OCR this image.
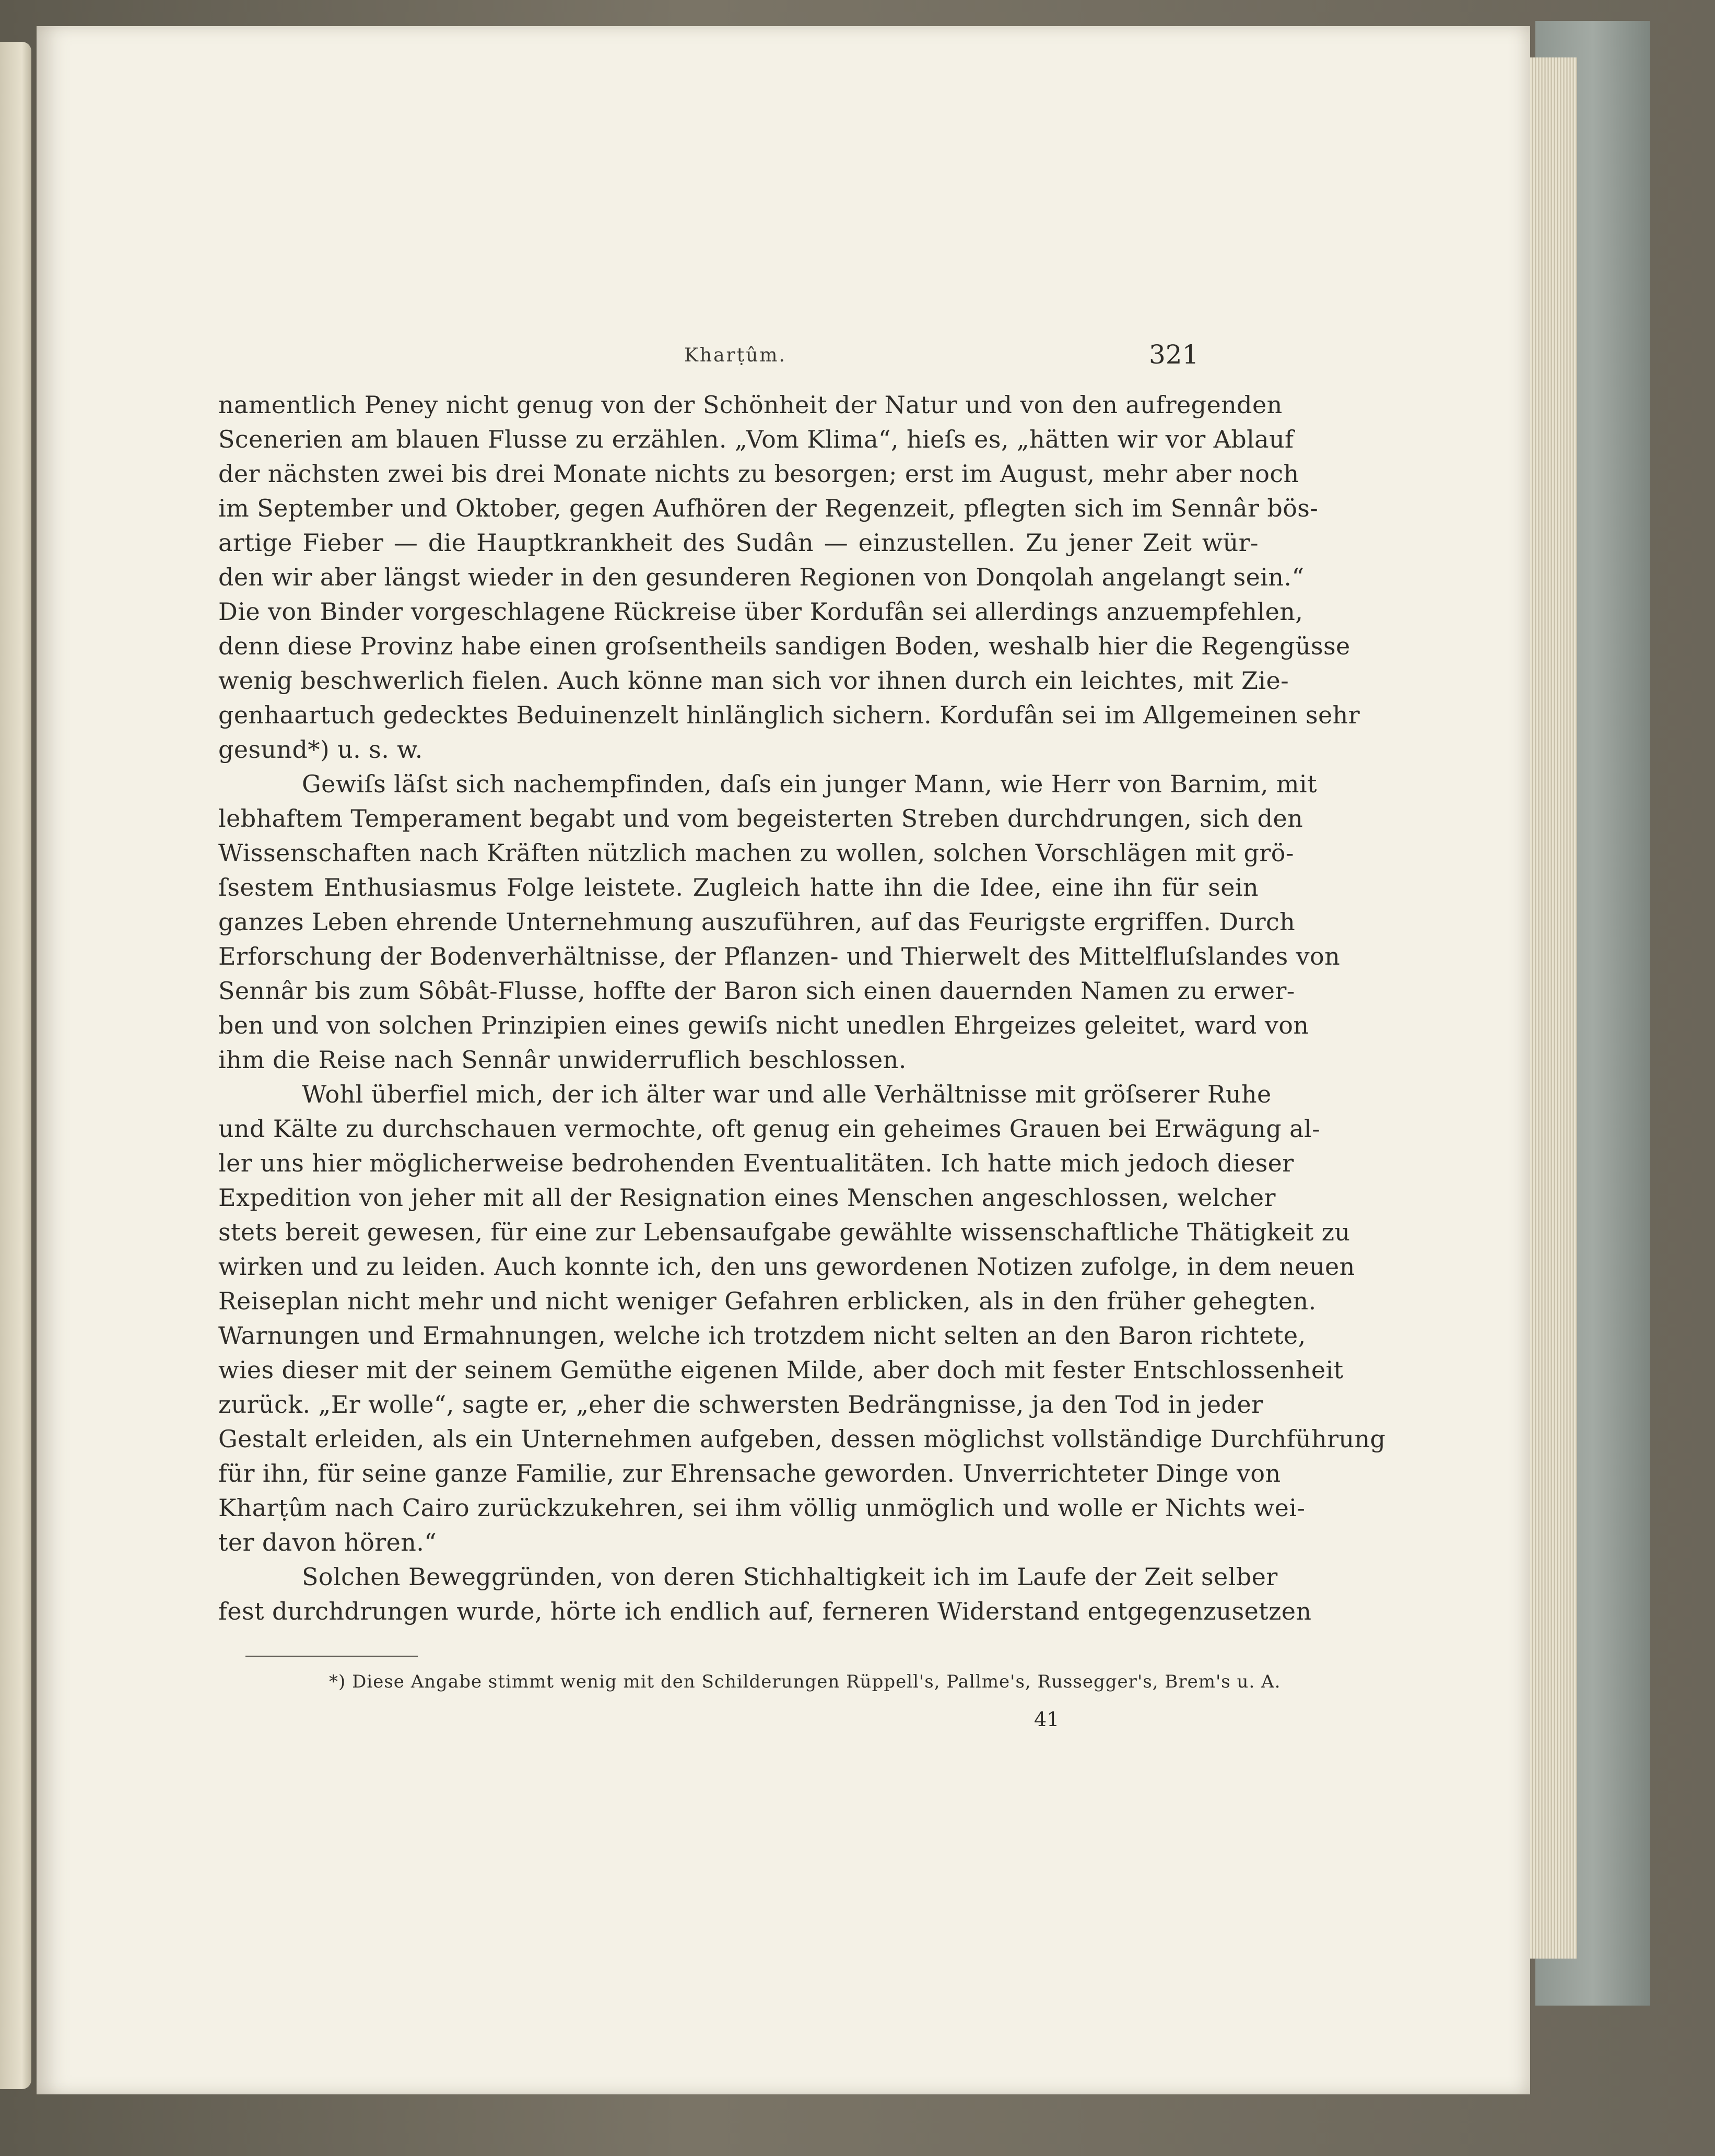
Kharṭûm.	321
namentlich Peney nicht genug von der Schönheit der Natur und von den aufregenden
Scenerien am blauen Flusse zu erzählen. „Vom Klima“, hieſs es, „hätten wir vor Ablauf
der nächsten zwei bis drei Monate nichts zu besorgen; erst im August, mehr aber noch
im September und Oktober, gegen Aufhören der Regenzeit, pflegten sich im Sennâr bös-
artige Fieber — die Hauptkrankheit des Sudân — einzustellen. Zu jener Zeit wür-
den wir aber längst wieder in den gesunderen Regionen von Donqolah angelangt sein.“
Die von Binder vorgeschlagene Rückreise über Kordufân sei allerdings anzuempfehlen,
denn diese Provinz habe einen groſsentheils sandigen Boden, weshalb hier die Regengüsse
wenig beschwerlich fielen. Auch könne man sich vor ihnen durch ein leichtes, mit Zie-
genhaartuch gedecktes Beduinenzelt hinlänglich sichern. Kordufân sei im Allgemeinen sehr
gesund*) u. s. w.
Gewiſs läſst sich nachempfinden, daſs ein junger Mann, wie Herr von Barnim, mit
lebhaftem Temperament begabt und vom begeisterten Streben durchdrungen, sich den
Wissenschaften nach Kräften nützlich machen zu wollen, solchen Vorschlägen mit grö-
ſsestem Enthusiasmus Folge leistete. Zugleich hatte ihn die Idee, eine ihn für sein
ganzes Leben ehrende Unternehmung auszuführen, auf das Feurigste ergriffen. Durch
Erforschung der Bodenverhältnisse, der Pflanzen- und Thierwelt des Mittelfluſslandes von
Sennâr bis zum Sôbât-Flusse, hoffte der Baron sich einen dauernden Namen zu erwer-
ben und von solchen Prinzipien eines gewiſs nicht unedlen Ehrgeizes geleitet, ward von
ihm die Reise nach Sennâr unwiderruflich beschlossen.
Wohl überfiel mich, der ich älter war und alle Verhältnisse mit gröſserer Ruhe
und Kälte zu durchschauen vermochte, oft genug ein geheimes Grauen bei Erwägung al-
ler uns hier möglicherweise bedrohenden Eventualitäten. Ich hatte mich jedoch dieser
Expedition von jeher mit all der Resignation eines Menschen angeschlossen, welcher
stets bereit gewesen, für eine zur Lebensaufgabe gewählte wissenschaftliche Thätigkeit zu
wirken und zu leiden. Auch konnte ich, den uns gewordenen Notizen zufolge, in dem neuen
Reiseplan nicht mehr und nicht weniger Gefahren erblicken, als in den früher gehegten.
Warnungen und Ermahnungen, welche ich trotzdem nicht selten an den Baron richtete,
wies dieser mit der seinem Gemüthe eigenen Milde, aber doch mit fester Entschlossenheit
zurück. „Er wolle“, sagte er, „eher die schwersten Bedrängnisse, ja den Tod in jeder
Gestalt erleiden, als ein Unternehmen aufgeben, dessen möglichst vollständige Durchführung
für ihn, für seine ganze Familie, zur Ehrensache geworden. Unverrichteter Dinge von
Kharṭûm nach Cairo zurückzukehren, sei ihm völlig unmöglich und wolle er Nichts wei-
ter davon hören.“
Solchen Beweggründen, von deren Stichhaltigkeit ich im Laufe der Zeit selber
fest durchdrungen wurde, hörte ich endlich auf, ferneren Widerstand entgegenzusetzen
*) Diese Angabe stimmt wenig mit den Schilderungen Rüppell's, Pallme's, Russegger's, Brem's u. A.
41
